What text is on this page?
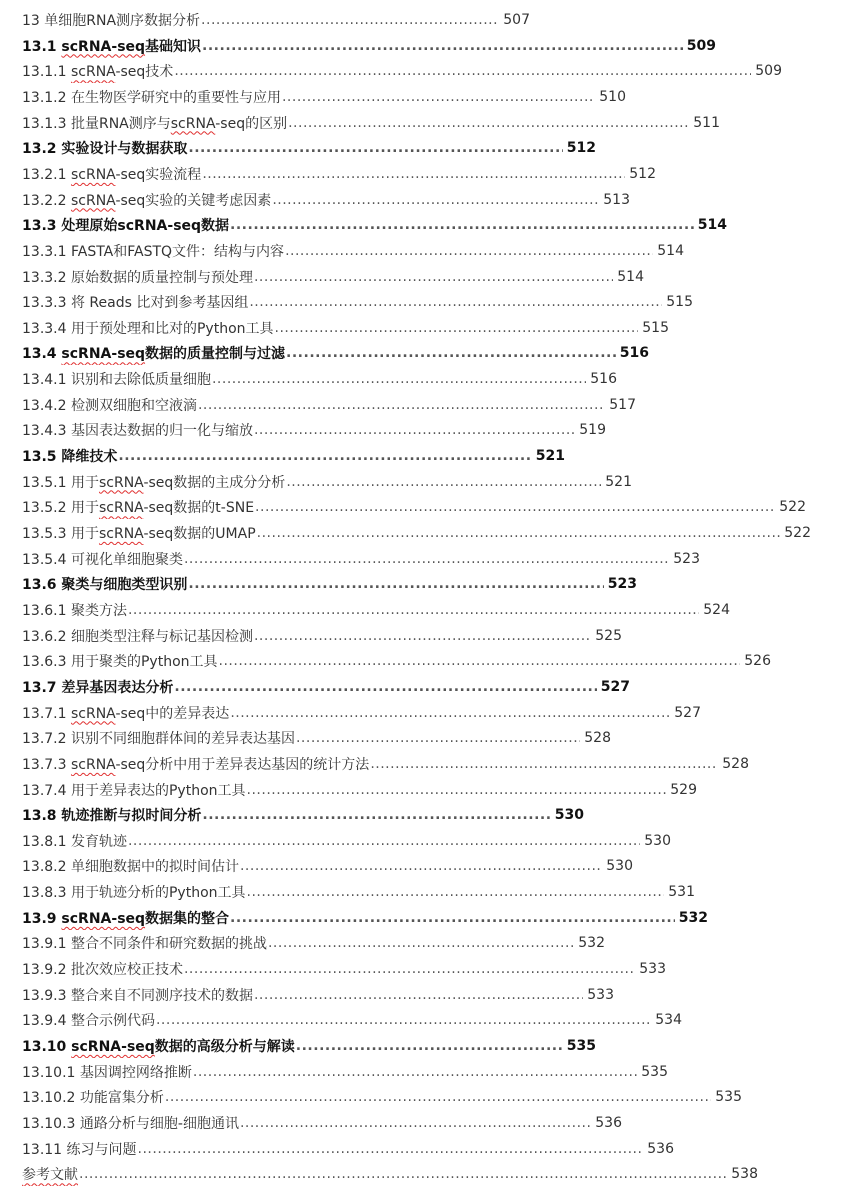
13 单细胞RNA测序数据分析 .....	507
13.1 scRNA-seq基础知识 .....	509
13.1.1 scRNA-seq技术 .....	509
13.1.2 在生物医学研究中的重要性与应用 .....	510
13.1.3 批量RNA测序与scRNA-seq的区别 .....	511
13.2 实验设计与数据获取 .....	512
13.2.1 scRNA-seq实验流程 .....	512
13.2.2 scRNA-seq实验的关键考虑因素 .....	513
13.3 处理原始scRNA-seq数据 .....	514
13.3.1 FASTA和FASTQ文件：结构与内容 .....	514
13.3.2 原始数据的质量控制与预处理 .....	514
13.3.3 将 Reads 比对到参考基因组 .....	515
13.3.4 用于预处理和比对的Python工具 .....	515
13.4 scRNA-seq数据的质量控制与过滤 .....	516
13.4.1 识别和去除低质量细胞 .....	516
13.4.2 检测双细胞和空液滴 .....	517
13.4.3 基因表达数据的归一化与缩放 .....	519
13.5 降维技术 .....	521
13.5.1 用于scRNA-seq数据的主成分分析 .....	521
13.5.2 用于scRNA-seq数据的t-SNE .....	522
13.5.3 用于scRNA-seq数据的UMAP .....	522
13.5.4 可视化单细胞聚类 .....	523
13.6 聚类与细胞类型识别 .....	523
13.6.1 聚类方法 .....	524
13.6.2 细胞类型注释与标记基因检测 .....	525
13.6.3 用于聚类的Python工具 .....	526
13.7 差异基因表达分析 .....	527
13.7.1 scRNA-seq中的差异表达 .....	527
13.7.2 识别不同细胞群体间的差异表达基因 .....	528
13.7.3 scRNA-seq分析中用于差异表达基因的统计方法 .....	528
13.7.4 用于差异表达的Python工具 .....	529
13.8 轨迹推断与拟时间分析 .....	530
13.8.1 发育轨迹 .....	530
13.8.2 单细胞数据中的拟时间估计 .....	530
13.8.3 用于轨迹分析的Python工具 .....	531
13.9 scRNA-seq数据集的整合 .....	532
13.9.1 整合不同条件和研究数据的挑战 .....	532
13.9.2 批次效应校正技术 .....	533
13.9.3 整合来自不同测序技术的数据 .....	533
13.9.4 整合示例代码 .....	534
13.10 scRNA-seq数据的高级分析与解读 .....	535
13.10.1 基因调控网络推断 .....	535
13.10.2 功能富集分析 .....	535
13.10.3 通路分析与细胞-细胞通讯 .....	536
13.11 练习与问题 .....	536
参考文献 .....	538
